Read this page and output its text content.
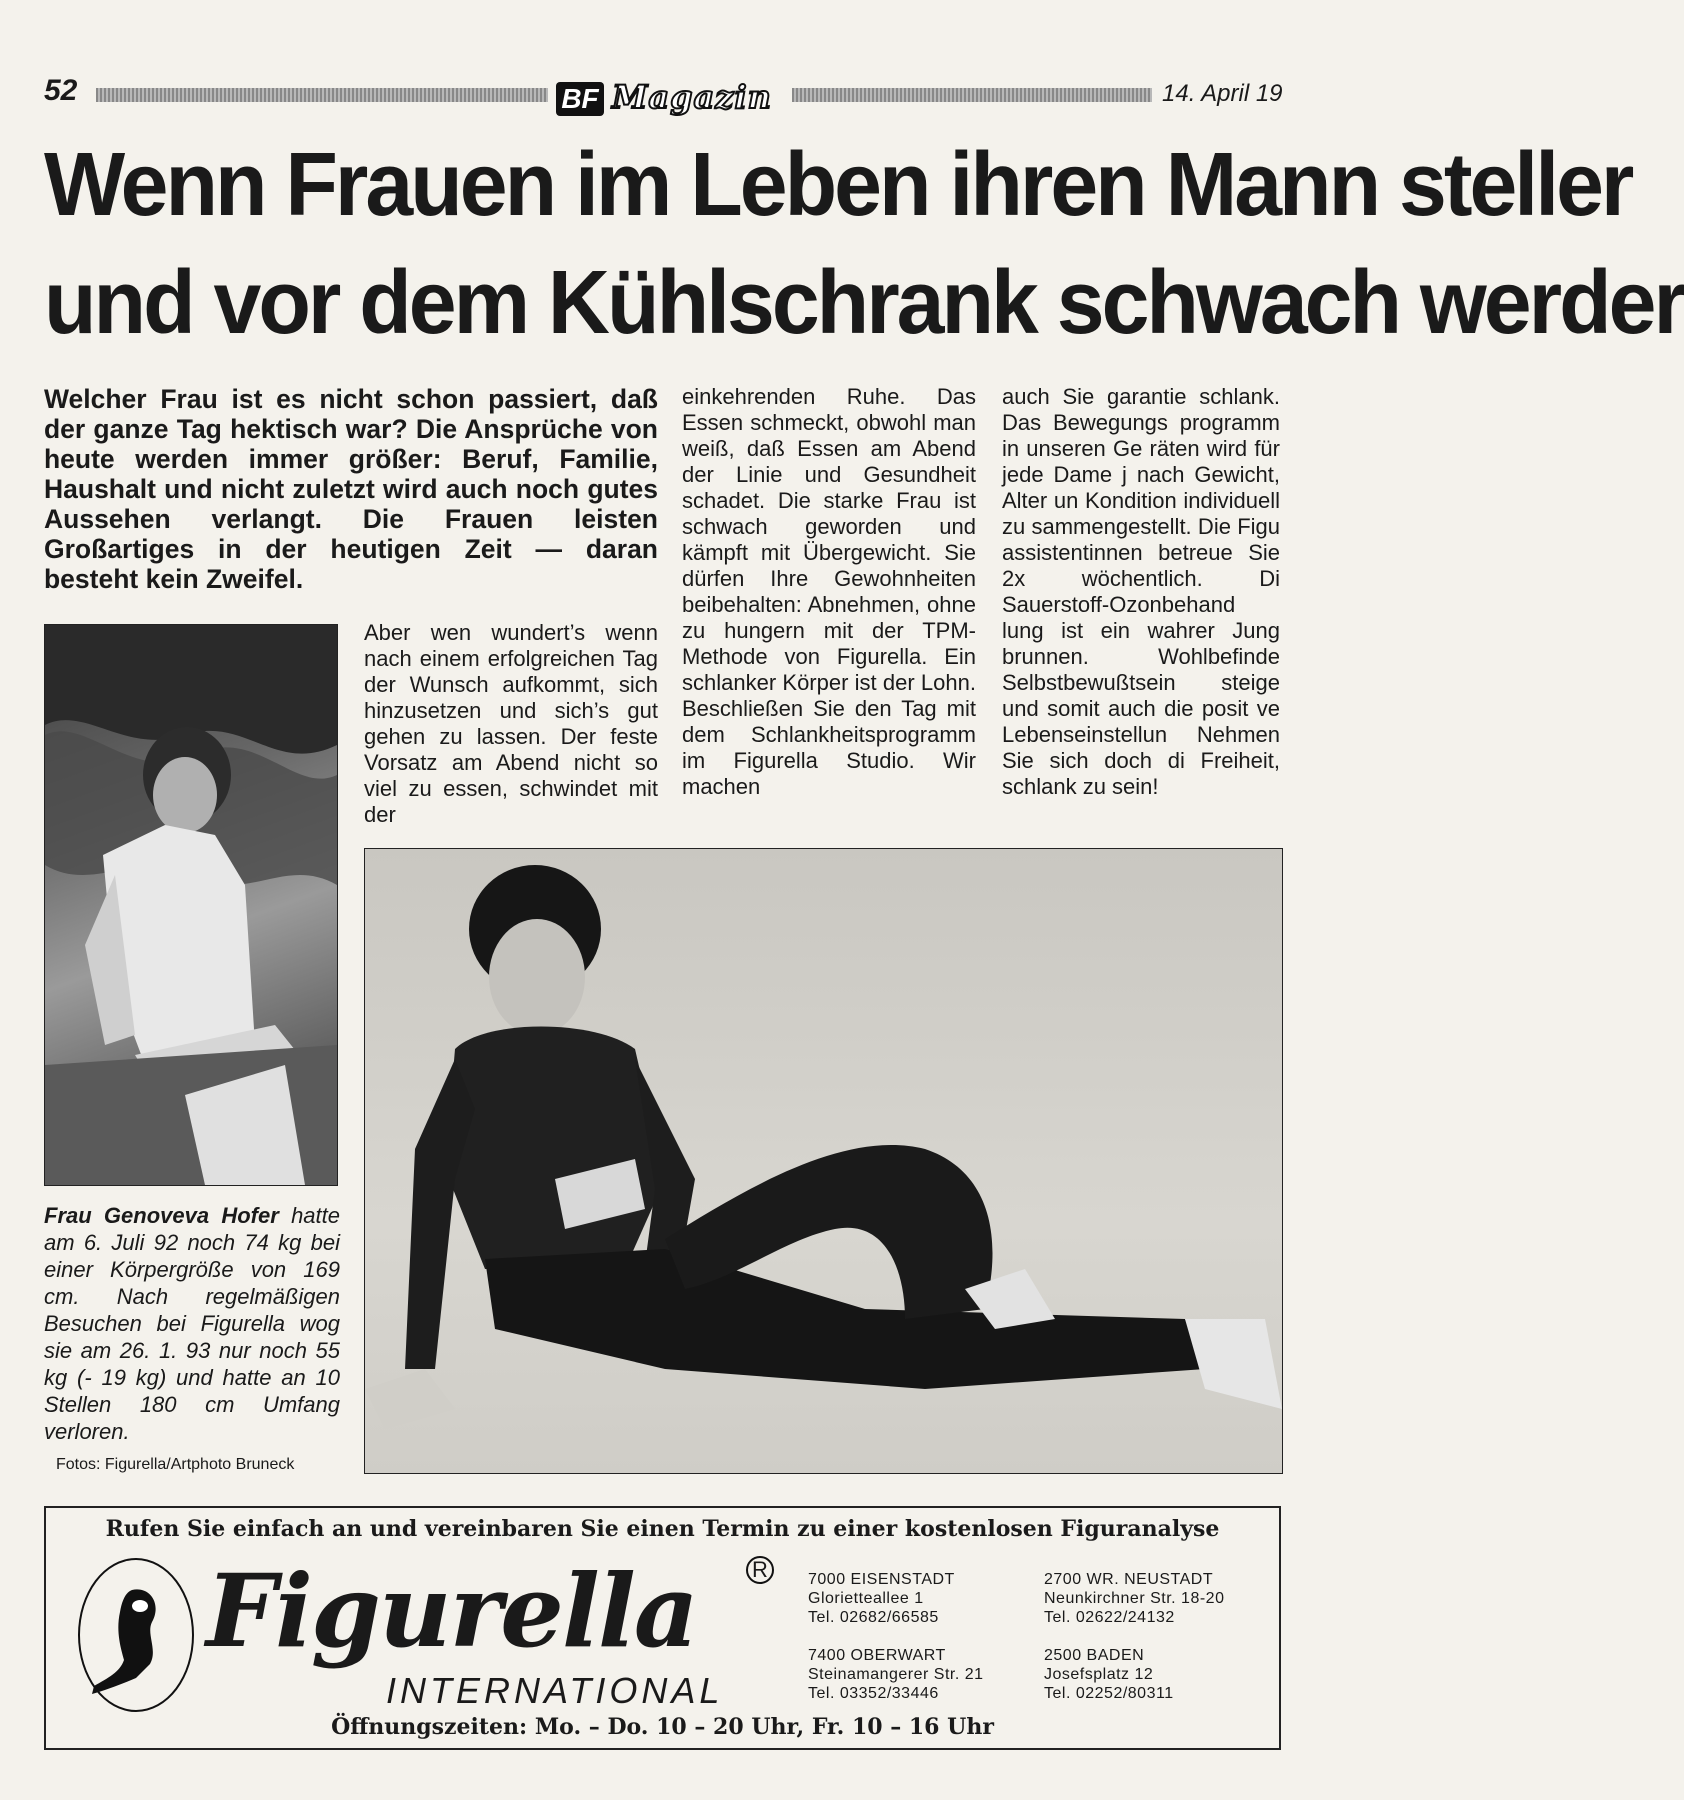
52	BF Magazin	14. April 19
Wenn Frauen im Leben ihren Mann steller
und vor dem Kühlschrank schwach werder
Welcher Frau ist es nicht schon passiert, daß der ganze Tag hektisch war? Die Ansprüche von heute werden immer größer: Beruf, Familie, Haushalt und nicht zuletzt wird auch noch gutes Aussehen verlangt. Die Frauen leisten Großartiges in der heutigen Zeit — daran besteht kein Zweifel.
Frau Genoveva Hofer hatte am 6. Juli 92 noch 74 kg bei einer Körpergröße von 169 cm. Nach regelmäßigen Besuchen bei Figurella wog sie am 26. 1. 93 nur noch 55 kg (- 19 kg) und hatte an 10 Stellen 180 cm Umfang verloren.
Fotos: Figurella/Artphoto Bruneck
Aber wen wundert’s wenn nach einem erfolgreichen Tag der Wunsch aufkommt, sich hinzusetzen und sich’s gut gehen zu lassen. Der feste Vorsatz am Abend nicht so viel zu essen, schwindet mit der
einkehrenden Ruhe. Das Essen schmeckt, obwohl man weiß, daß Essen am Abend der Linie und Gesundheit schadet. Die starke Frau ist schwach geworden und kämpft mit Übergewicht. Sie dürfen Ihre Gewohnheiten beibehalten: Abnehmen, ohne zu hungern mit der TPM-Methode von Figurella. Ein schlanker Körper ist der Lohn. Beschließen Sie den Tag mit dem Schlankheitsprogramm im Figurella Studio. Wir machen
auch Sie garantie schlank. Das Bewegungs programm in unseren Ge räten wird für jede Dame j nach Gewicht, Alter un Kondition individuell zu sammengestellt. Die Figu assistentinnen betreue Sie 2x wöchentlich. Di Sauerstoff-Ozonbehand lung ist ein wahrer Jung brunnen. Wohlbefinde Selbstbewußtsein steige und somit auch die posit ve Lebenseinstellun Nehmen Sie sich doch di Freiheit, schlank zu sein!
Rufen Sie einfach an und vereinbaren Sie einen Termin zu einer kostenlosen Figuranalyse
Figurella	R
INTERNATIONAL
7000 EISENSTADT
Glorietteallee 1
Tel. 02682/66585
7400 OBERWART
Steinamangerer Str. 21
Tel. 03352/33446
2700 WR. NEUSTADT
Neunkirchner Str. 18-20
Tel. 02622/24132
2500 BADEN
Josefsplatz 12
Tel. 02252/80311
Öffnungszeiten: Mo. – Do. 10 – 20 Uhr, Fr. 10 – 16 Uhr
